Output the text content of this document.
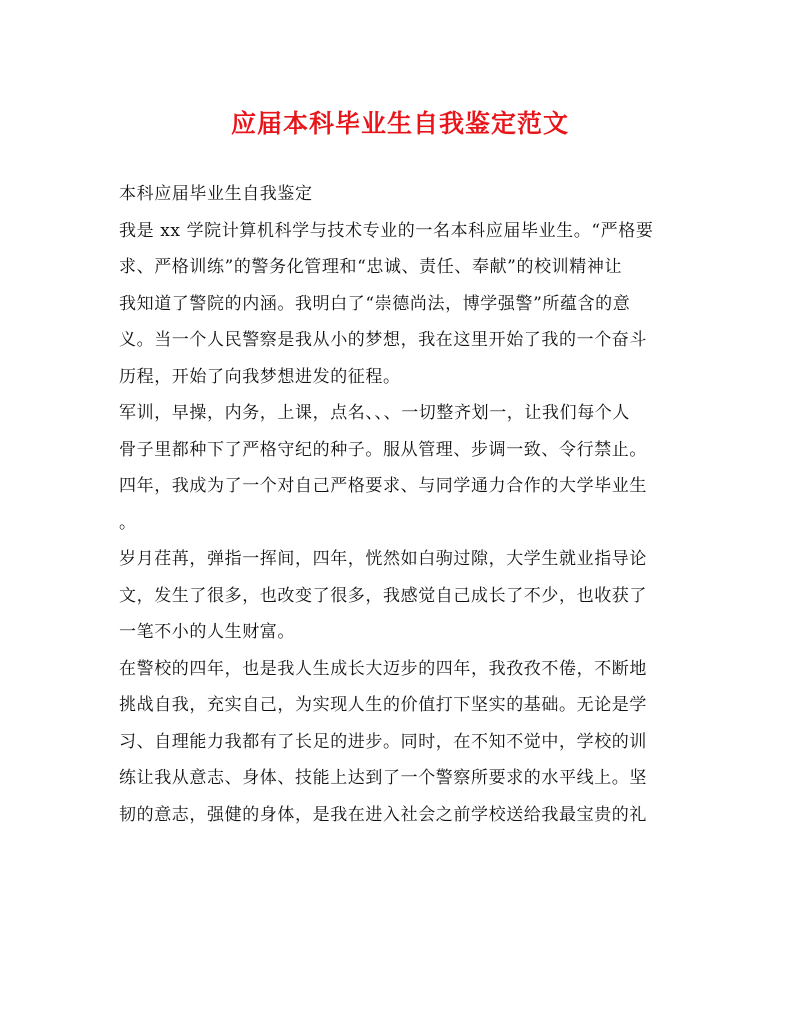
应届本科毕业生自我鉴定范文
本科应届毕业生自我鉴定
我是 xx 学院计算机科学与技术专业的一名本科应届毕业生。“严格要
求、严格训练”的警务化管理和“忠诚、责任、奉献”的校训精神让
我知道了警院的内涵。我明白了“崇德尚法，博学强警”所蕴含的意
义。当一个人民警察是我从小的梦想，我在这里开始了我的一个奋斗
历程，开始了向我梦想进发的征程。
军训，早操，内务，上课，点名、、、一切整齐划一，让我们每个人
骨子里都种下了严格守纪的种子。服从管理、步调一致、令行禁止。
四年，我成为了一个对自己严格要求、与同学通力合作的大学毕业生
。
岁月荏苒，弹指一挥间，四年，恍然如白驹过隙，大学生就业指导论
文，发生了很多，也改变了很多，我感觉自己成长了不少，也收获了
一笔不小的人生财富。
在警校的四年，也是我人生成长大迈步的四年，我孜孜不倦，不断地
挑战自我，充实自己，为实现人生的价值打下坚实的基础。无论是学
习、自理能力我都有了长足的进步。同时，在不知不觉中，学校的训
练让我从意志、身体、技能上达到了一个警察所要求的水平线上。坚
韧的意志，强健的身体，是我在进入社会之前学校送给我最宝贵的礼
